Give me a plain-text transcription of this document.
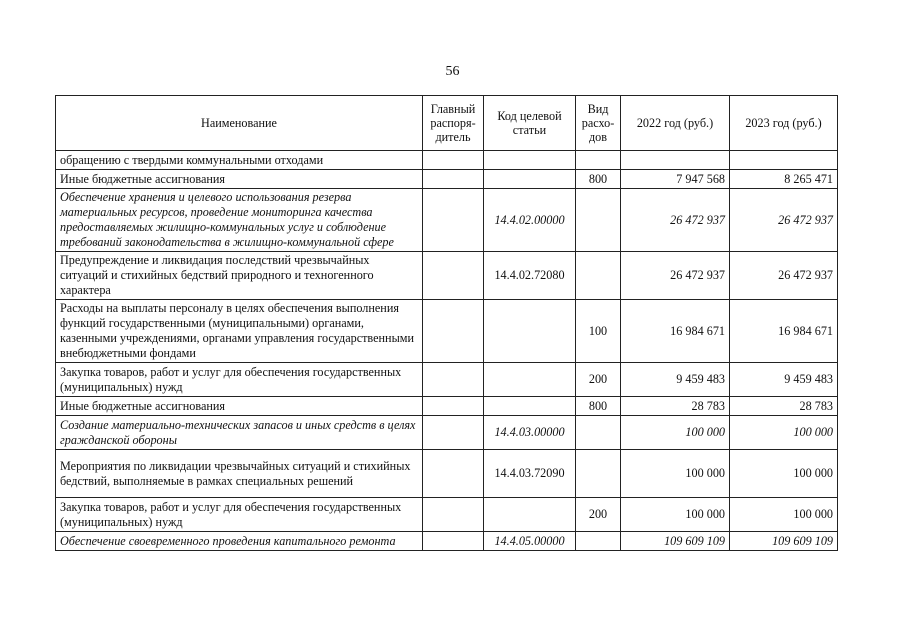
56
Наименование	Главный распоря-дитель	Код целевой статьи	Вид расхо-дов	2022 год (руб.)	2023 год (руб.)
обращению с твердыми коммунальными отходами					
Иные бюджетные ассигнования			800	7 947 568	8 265 471
Обеспечение хранения и целевого использования резерва материальных ресурсов, проведение мониторинга качества предоставляемых жилищно-коммунальных услуг и соблюдение требований законодательства в жилищно-коммунальной сфере		14.4.02.00000		26 472 937	26 472 937
Предупреждение и ликвидация последствий чрезвычайных ситуаций и стихийных бедствий природного и техногенного характера		14.4.02.72080		26 472 937	26 472 937
Расходы на выплаты персоналу в целях обеспечения выполнения функций государственными (муниципальными) органами, казенными учреждениями, органами управления государственными внебюджетными фондами			100	16 984 671	16 984 671
Закупка товаров, работ и услуг для обеспечения государственных (муниципальных) нужд			200	9 459 483	9 459 483
Иные бюджетные ассигнования			800	28 783	28 783
Создание материально-технических запасов и иных средств в целях гражданской обороны		14.4.03.00000		100 000	100 000
Мероприятия по ликвидации чрезвычайных ситуаций и стихийных бедствий, выполняемые в рамках специальных решений		14.4.03.72090		100 000	100 000
Закупка товаров, работ и услуг для обеспечения государственных (муниципальных) нужд			200	100 000	100 000
Обеспечение своевременного проведения капитального ремонта		14.4.05.00000		109 609 109	109 609 109
